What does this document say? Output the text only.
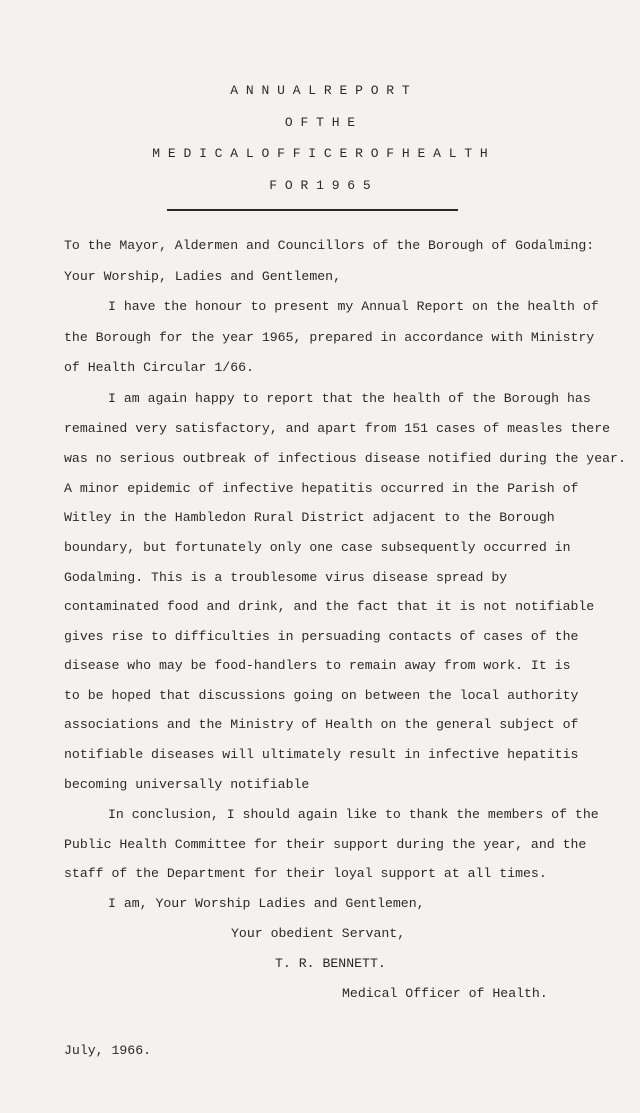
A N N U A L R E P O R T
O F T H E
M E D I C A L O F F I C E R O F H E A L T H
F O R 1 9 6 5
To the Mayor, Aldermen and Councillors of the Borough of Godalming:
Your Worship, Ladies and Gentlemen,
I have the honour to present my Annual Report on the health of
the Borough for the year 1965, prepared in accordance with Ministry
of Health Circular 1/66.
I am again happy to report that the health of the Borough has
remained very satisfactory, and apart from 151 cases of measles there
was no serious outbreak of infectious disease notified during the year.
A minor epidemic of infective hepatitis occurred in the Parish of
Witley in the Hambledon Rural District adjacent to the Borough
boundary, but fortunately only one case subsequently occurred in
Godalming. This is a troublesome virus disease spread by
contaminated food and drink, and the fact that it is not notifiable
gives rise to difficulties in persuading contacts of cases of the
disease who may be food-handlers to remain away from work. It is
to be hoped that discussions going on between the local authority
associations and the Ministry of Health on the general subject of
notifiable diseases will ultimately result in infective hepatitis
becoming universally notifiable
In conclusion, I should again like to thank the members of the
Public Health Committee for their support during the year, and the
staff of the Department for their loyal support at all times.
I am, Your Worship Ladies and Gentlemen,
Your obedient Servant,
T. R. BENNETT.
Medical Officer of Health.
July, 1966.
